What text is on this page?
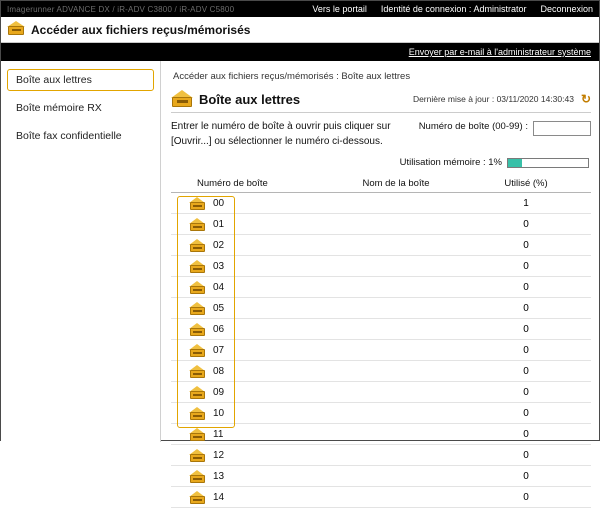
Imagerunner ADVANCE DX / iR-ADV C3800 / iR-ADV C5800	Vers le portail Identité de connexion : Administrator Deconnexion
Accéder aux fichiers reçus/mémorisés
Envoyer par e-mail à l'administrateur système
Boîte aux lettres
Boîte mémoire RX
Boîte fax confidentielle
Accéder aux fichiers reçus/mémorisés : Boîte aux lettres
Boîte aux lettres	Dernière mise à jour : 03/11/2020 14:30:43 ↻
Entrer le numéro de boîte à ouvrir puis cliquer sur [Ouvrir...] ou sélectionner le numéro ci-dessous.
Numéro de boîte (00-99) :
Utilisation mémoire : 1%
Numéro de boîte	Nom de la boîte	Utilisé (%)

00		1

01		0

02		0

03		0

04		0

05		0

06		0

07		0

08		0

09		0

10		0

11		0

12		0

13		0

14		0
